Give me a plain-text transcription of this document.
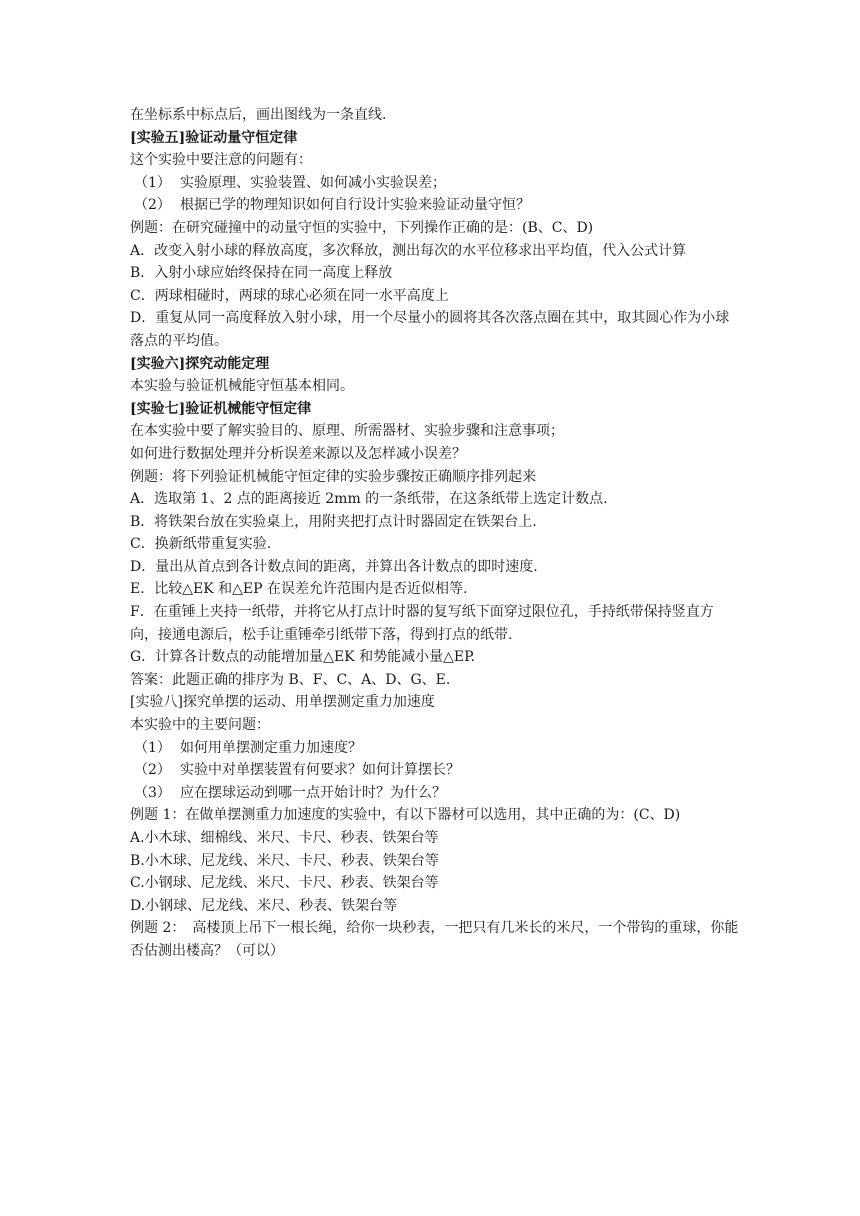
在坐标系中标点后，画出图线为一条直线.
[实验五]验证动量守恒定律
这个实验中要注意的问题有：
（1） 实验原理、实验装置、如何减小实验误差；
（2） 根据已学的物理知识如何自行设计实验来验证动量守恒？
例题：在研究碰撞中的动量守恒的实验中，下列操作正确的是：(B、C、D)
A．改变入射小球的释放高度，多次释放，测出每次的水平位移求出平均值，代入公式计算
B．入射小球应始终保持在同一高度上释放
C．两球相碰时，两球的球心必须在同一水平高度上
D．重复从同一高度释放入射小球，用一个尽量小的圆将其各次落点圈在其中，取其圆心作为小球落点的平均值。
[实验六]探究动能定理
本实验与验证机械能守恒基本相同。
[实验七]验证机械能守恒定律
在本实验中要了解实验目的、原理、所需器材、实验步骤和注意事项；
如何进行数据处理并分析误差来源以及怎样减小误差？
例题：将下列验证机械能守恒定律的实验步骤按正确顺序排列起来
A．选取第 1、2 点的距离接近 2mm 的一条纸带，在这条纸带上选定计数点.
B．将铁架台放在实验桌上，用附夹把打点计时器固定在铁架台上.
C．换新纸带重复实验.
D．量出从首点到各计数点间的距离，并算出各计数点的即时速度.
E．比较△EK 和△EP 在误差允许范围内是否近似相等.
F．在重锤上夹持一纸带，并将它从打点计时器的复写纸下面穿过限位孔，手持纸带保持竖直方向，接通电源后，松手让重锤牵引纸带下落，得到打点的纸带.
G．计算各计数点的动能增加量△EK 和势能减小量△EP.
答案：此题正确的排序为 B、F、C、A、D、G、E.
[实验八]探究单摆的运动、用单摆测定重力加速度
本实验中的主要问题：
（1） 如何用单摆测定重力加速度？
（2） 实验中对单摆装置有何要求？如何计算摆长？
（3） 应在摆球运动到哪一点开始计时？为什么？
例题 1：在做单摆测重力加速度的实验中，有以下器材可以选用，其中正确的为：(C、D)
A.小木球、细棉线、米尺、卡尺、秒表、铁架台等
B.小木球、尼龙线、米尺、卡尺、秒表、铁架台等
C.小钢球、尼龙线、米尺、卡尺、秒表、铁架台等
D.小钢球、尼龙线、米尺、秒表、铁架台等
例题 2：　高楼顶上吊下一根长绳，给你一块秒表，一把只有几米长的米尺，一个带钩的重球，你能否估测出楼高？（可以）
